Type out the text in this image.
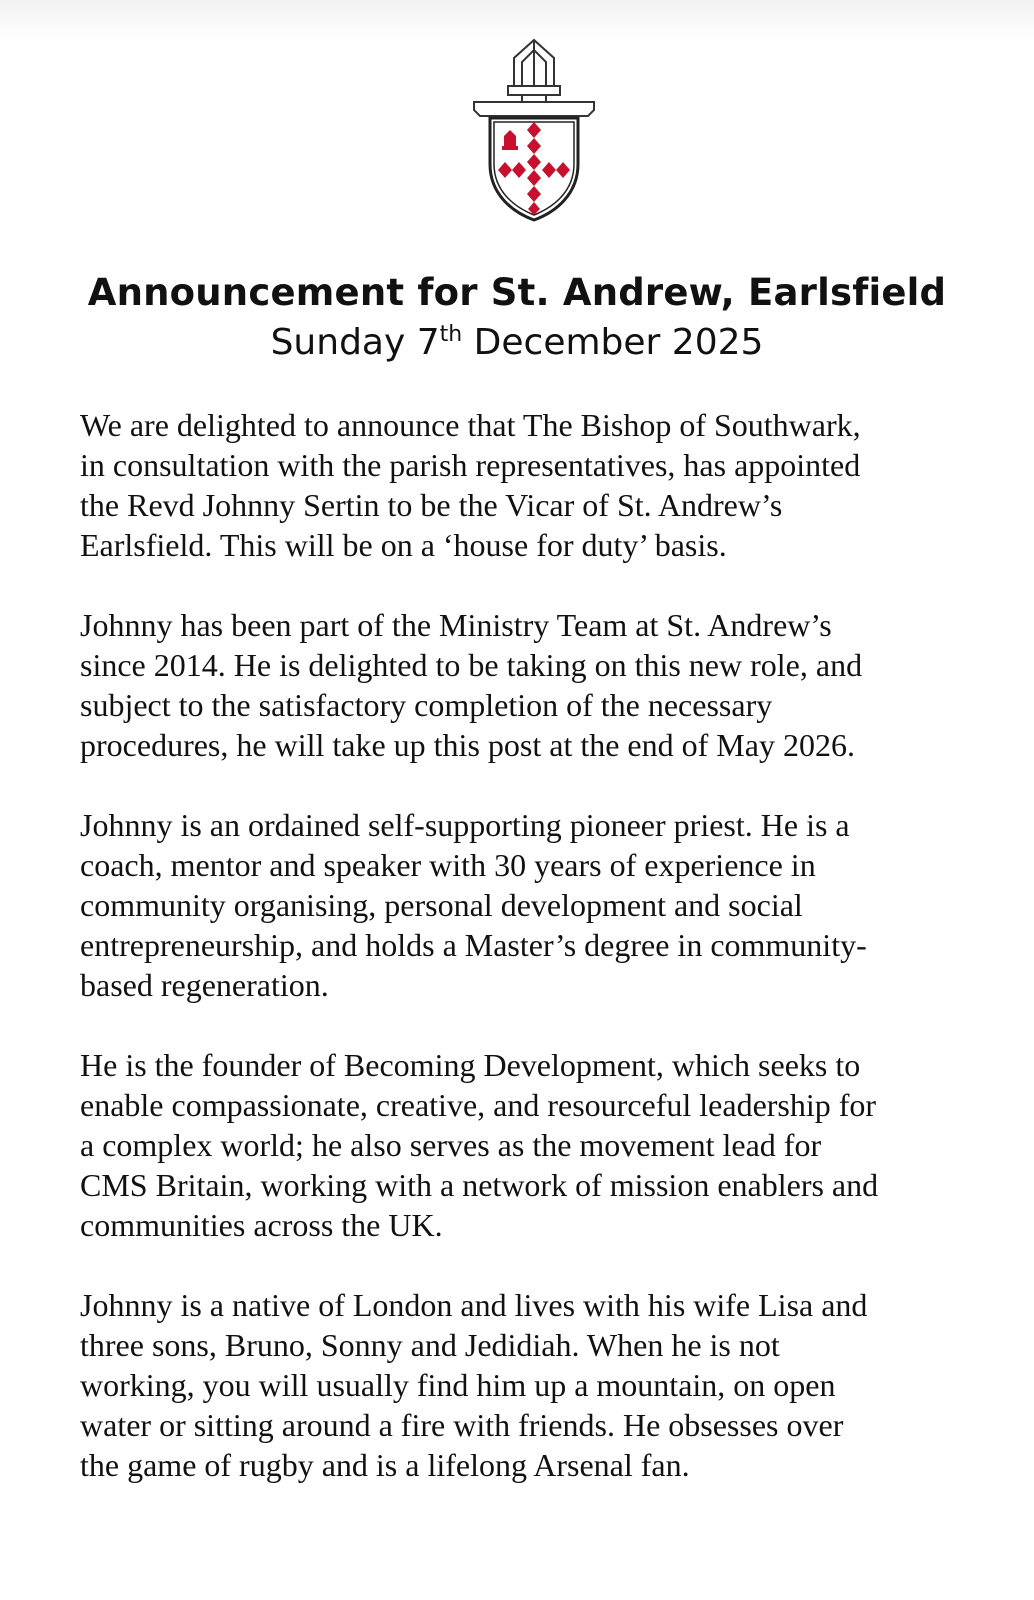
Announcement for St. Andrew, Earlsfield
Sunday 7th December 2025

We are delighted to announce that The Bishop of Southwark,
in consultation with the parish representatives, has appointed
the Revd Johnny Sertin to be the Vicar of St. Andrew’s
Earlsfield. This will be on a ‘house for duty’ basis.

Johnny has been part of the Ministry Team at St. Andrew’s
since 2014. He is delighted to be taking on this new role, and
subject to the satisfactory completion of the necessary
procedures, he will take up this post at the end of May 2026.

Johnny is an ordained self-supporting pioneer priest. He is a
coach, mentor and speaker with 30 years of experience in
community organising, personal development and social
entrepreneurship, and holds a Master’s degree in community-
based regeneration.

He is the founder of Becoming Development, which seeks to
enable compassionate, creative, and resourceful leadership for
a complex world; he also serves as the movement lead for
CMS Britain, working with a network of mission enablers and
communities across the UK.

Johnny is a native of London and lives with his wife Lisa and
three sons, Bruno, Sonny and Jedidiah. When he is not
working, you will usually find him up a mountain, on open
water or sitting around a fire with friends. He obsesses over
the game of rugby and is a lifelong Arsenal fan.
